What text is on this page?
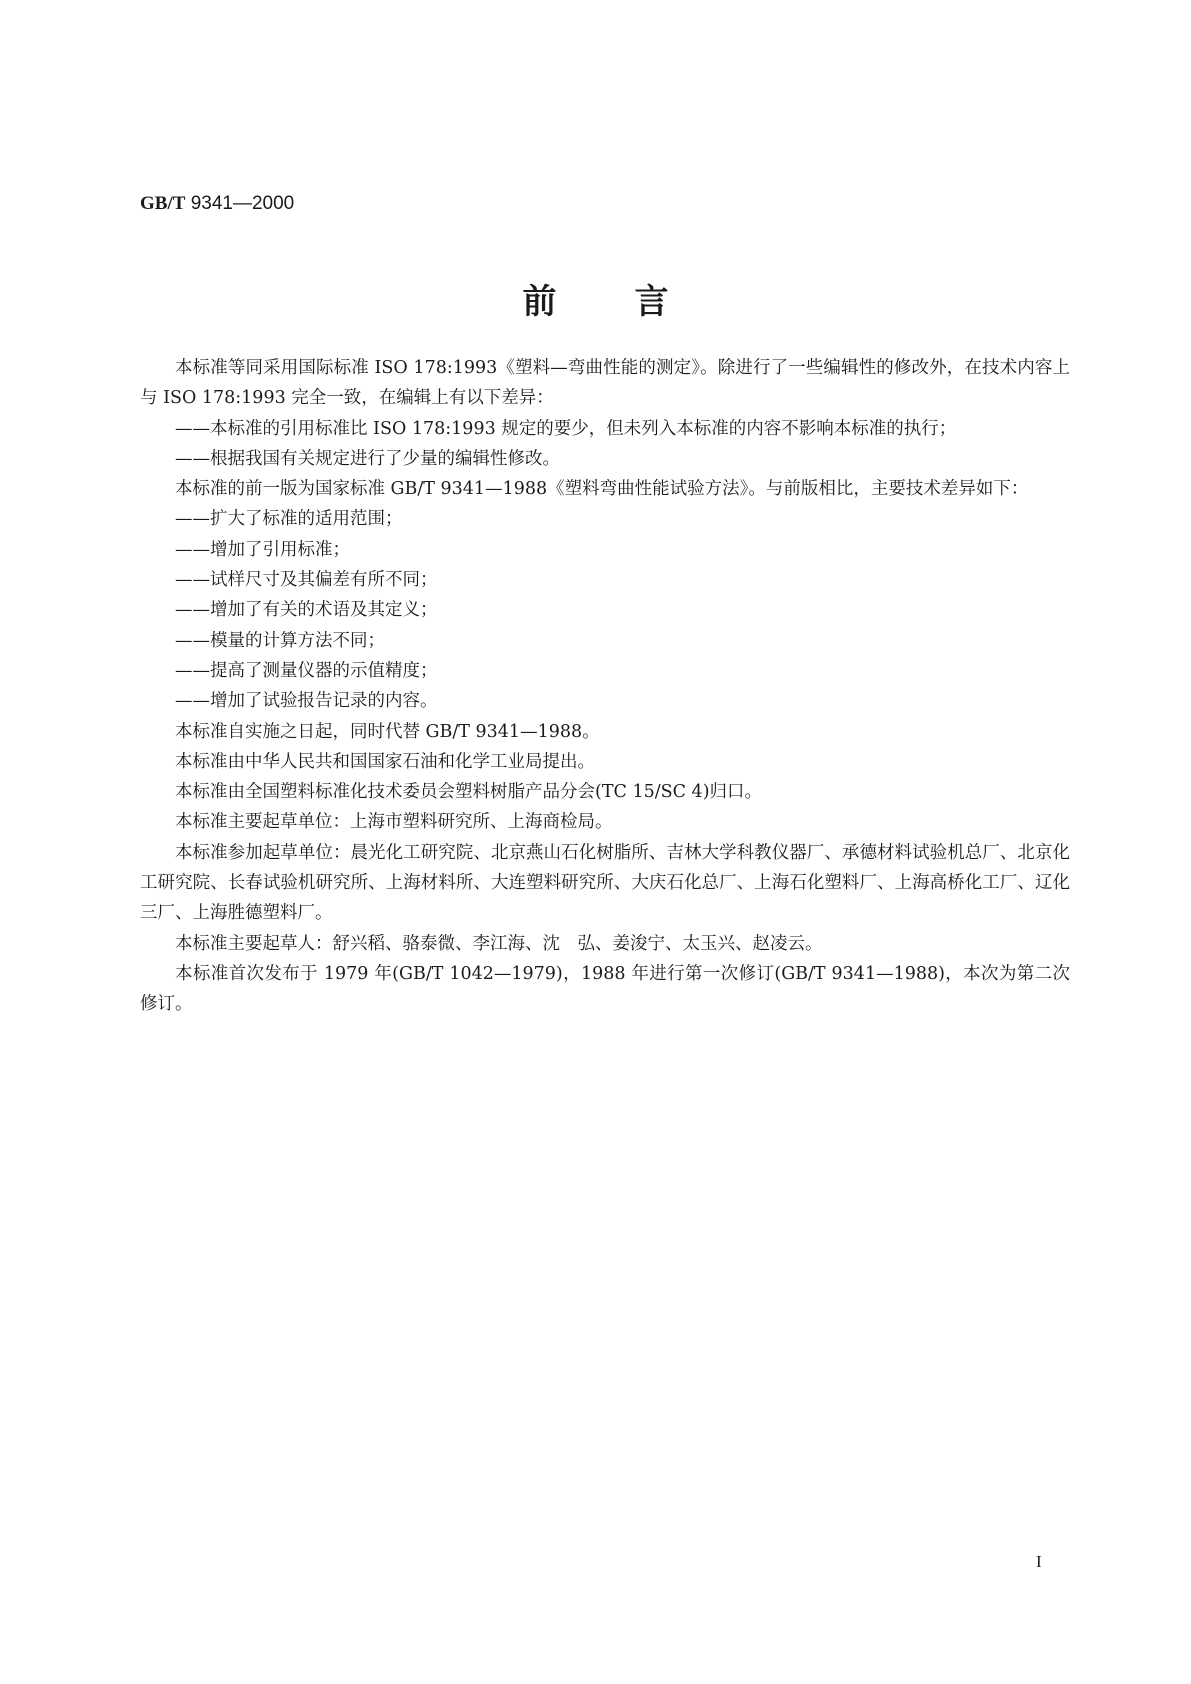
GB/T 9341—2000
前言

本标准等同采用国际标准 ISO 178:1993《塑料—弯曲性能的测定》。除进行了一些编辑性的修改外，在技术内容上与 ISO 178:1993 完全一致，在编辑上有以下差异：

——本标准的引用标准比 ISO 178:1993 规定的要少，但未列入本标准的内容不影响本标准的执行；

——根据我国有关规定进行了少量的编辑性修改。

本标准的前一版为国家标准 GB/T 9341—1988《塑料弯曲性能试验方法》。与前版相比，主要技术差异如下：

——扩大了标准的适用范围；

——增加了引用标准；

——试样尺寸及其偏差有所不同；

——增加了有关的术语及其定义；

——模量的计算方法不同；

——提高了测量仪器的示值精度；

——增加了试验报告记录的内容。

本标准自实施之日起，同时代替 GB/T 9341—1988。

本标准由中华人民共和国国家石油和化学工业局提出。

本标准由全国塑料标准化技术委员会塑料树脂产品分会(TC 15/SC 4)归口。

本标准主要起草单位：上海市塑料研究所、上海商检局。

本标准参加起草单位：晨光化工研究院、北京燕山石化树脂所、吉林大学科教仪器厂、承德材料试验机总厂、北京化工研究院、长春试验机研究所、上海材料所、大连塑料研究所、大庆石化总厂、上海石化塑料厂、上海高桥化工厂、辽化三厂、上海胜德塑料厂。

本标准主要起草人：舒兴稻、骆泰微、李江海、沈　弘、姜浚宁、太玉兴、赵凌云。

本标准首次发布于 1979 年(GB/T 1042—1979)，1988 年进行第一次修订(GB/T 9341—1988)，本次为第二次修订。

I
